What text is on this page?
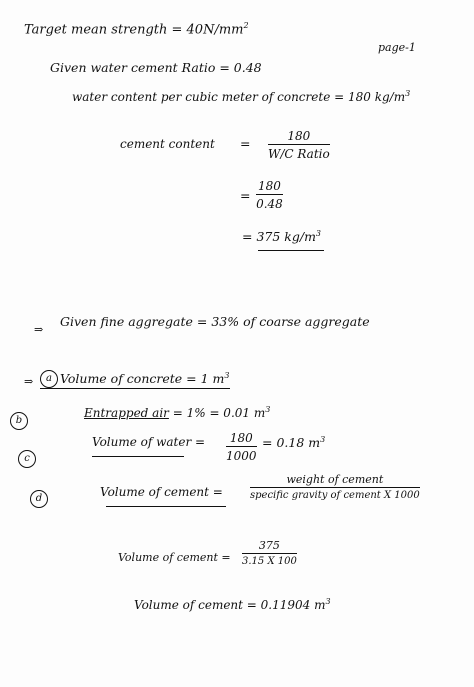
Target mean strength = $40N/mm^2$
page-1
Given water cement Ratio = 0.48
water content per cubic meter of concrete = 180 $kg/m^3$
cement content =	180
W/C Ratio
= $\frac{180}{0.48}$
= 375 $kg/m^3$
⇒
Given fine aggregate = 33% of coarse aggregate
⇒	a Volume of concrete = 1 $m^3$
b
Entrapped air = 1% = 0.01 $m^3$
c
Volume of water = $\frac{180}{1000} = 0.18$ $m^3$
d	Volume of cement =
weight of cement
specific gravity of cement X 1000
Volume of cement = $\frac{375}{3.15 X 100}$
Volume of cement = 0.11904 $m^3$
